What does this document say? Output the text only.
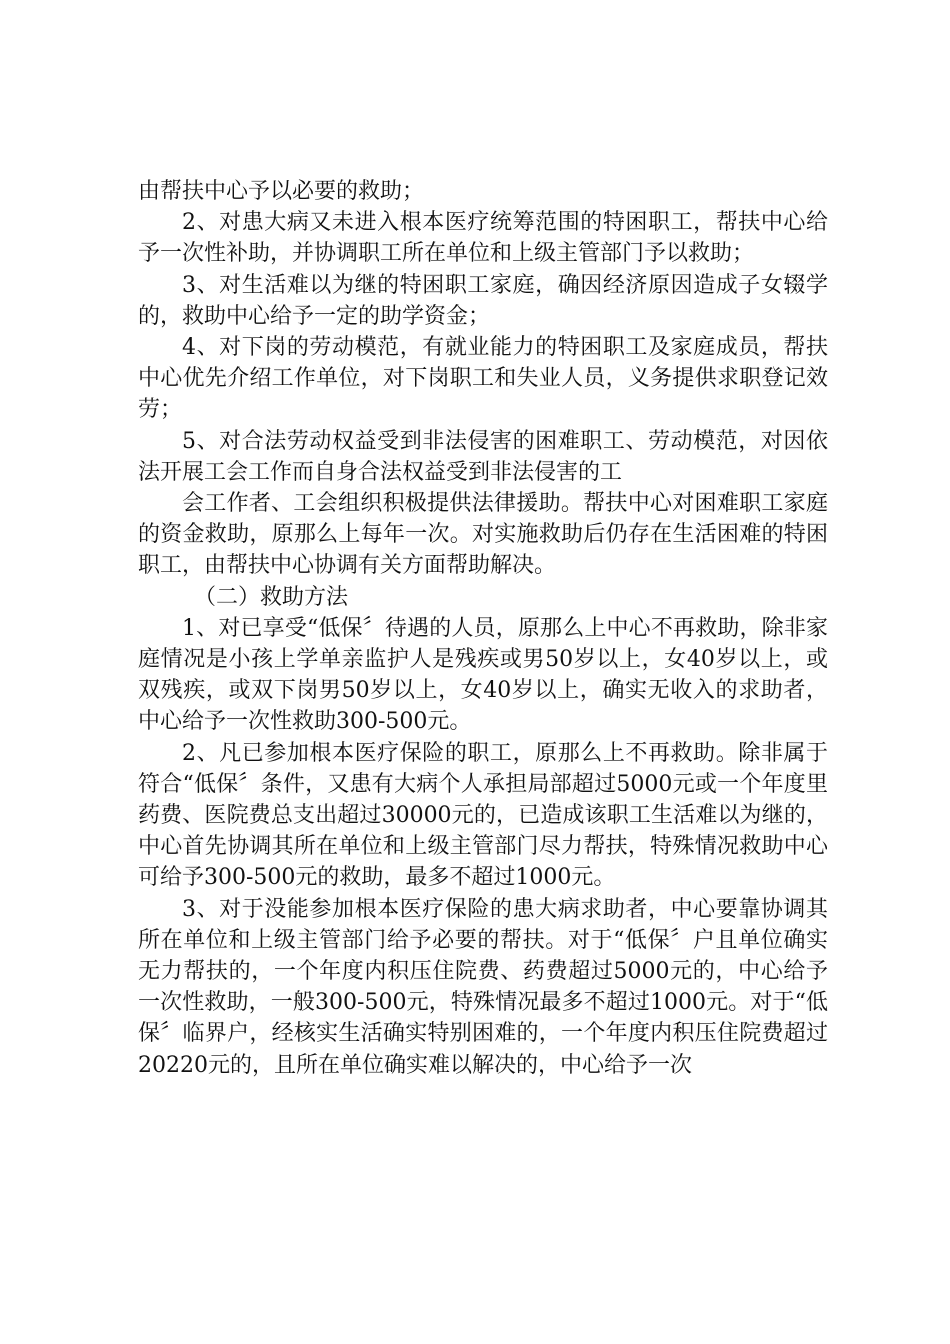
由帮扶中心予以必要的救助；

2、对患大病又未进入根本医疗统筹范围的特困职工，帮扶中心给予一次性补助，并协调职工所在单位和上级主管部门予以救助；

3、对生活难以为继的特困职工家庭，确因经济原因造成子女辍学的，救助中心给予一定的助学资金；

4、对下岗的劳动模范，有就业能力的特困职工及家庭成员，帮扶中心优先介绍工作单位，对下岗职工和失业人员，义务提供求职登记效劳；

5、对合法劳动权益受到非法侵害的困难职工、劳动模范，对因依法开展工会工作而自身合法权益受到非法侵害的工

会工作者、工会组织积极提供法律援助。帮扶中心对困难职工家庭的资金救助，原那么上每年一次。对实施救助后仍存在生活困难的特困职工，由帮扶中心协调有关方面帮助解决。

（二）救助方法

1、对已享受“低保〞待遇的人员，原那么上中心不再救助，除非家庭情况是小孩上学单亲监护人是残疾或男50岁以上，女40岁以上，或双残疾，或双下岗男50岁以上，女40岁以上，确实无收入的求助者，中心给予一次性救助300-500元。

2、凡已参加根本医疗保险的职工，原那么上不再救助。除非属于符合“低保〞条件，又患有大病个人承担局部超过5000元或一个年度里药费、医院费总支出超过30000元的，已造成该职工生活难以为继的，中心首先协调其所在单位和上级主管部门尽力帮扶，特殊情况救助中心可给予300-500元的救助，最多不超过1000元。

3、对于没能参加根本医疗保险的患大病求助者，中心要靠协调其所在单位和上级主管部门给予必要的帮扶。对于“低保〞户且单位确实无力帮扶的，一个年度内积压住院费、药费超过5000元的，中心给予一次性救助，一般300-500元，特殊情况最多不超过1000元。对于“低保〞临界户，经核实生活确实特别困难的，一个年度内积压住院费超过20220元的，且所在单位确实难以解决的，中心给予一次
